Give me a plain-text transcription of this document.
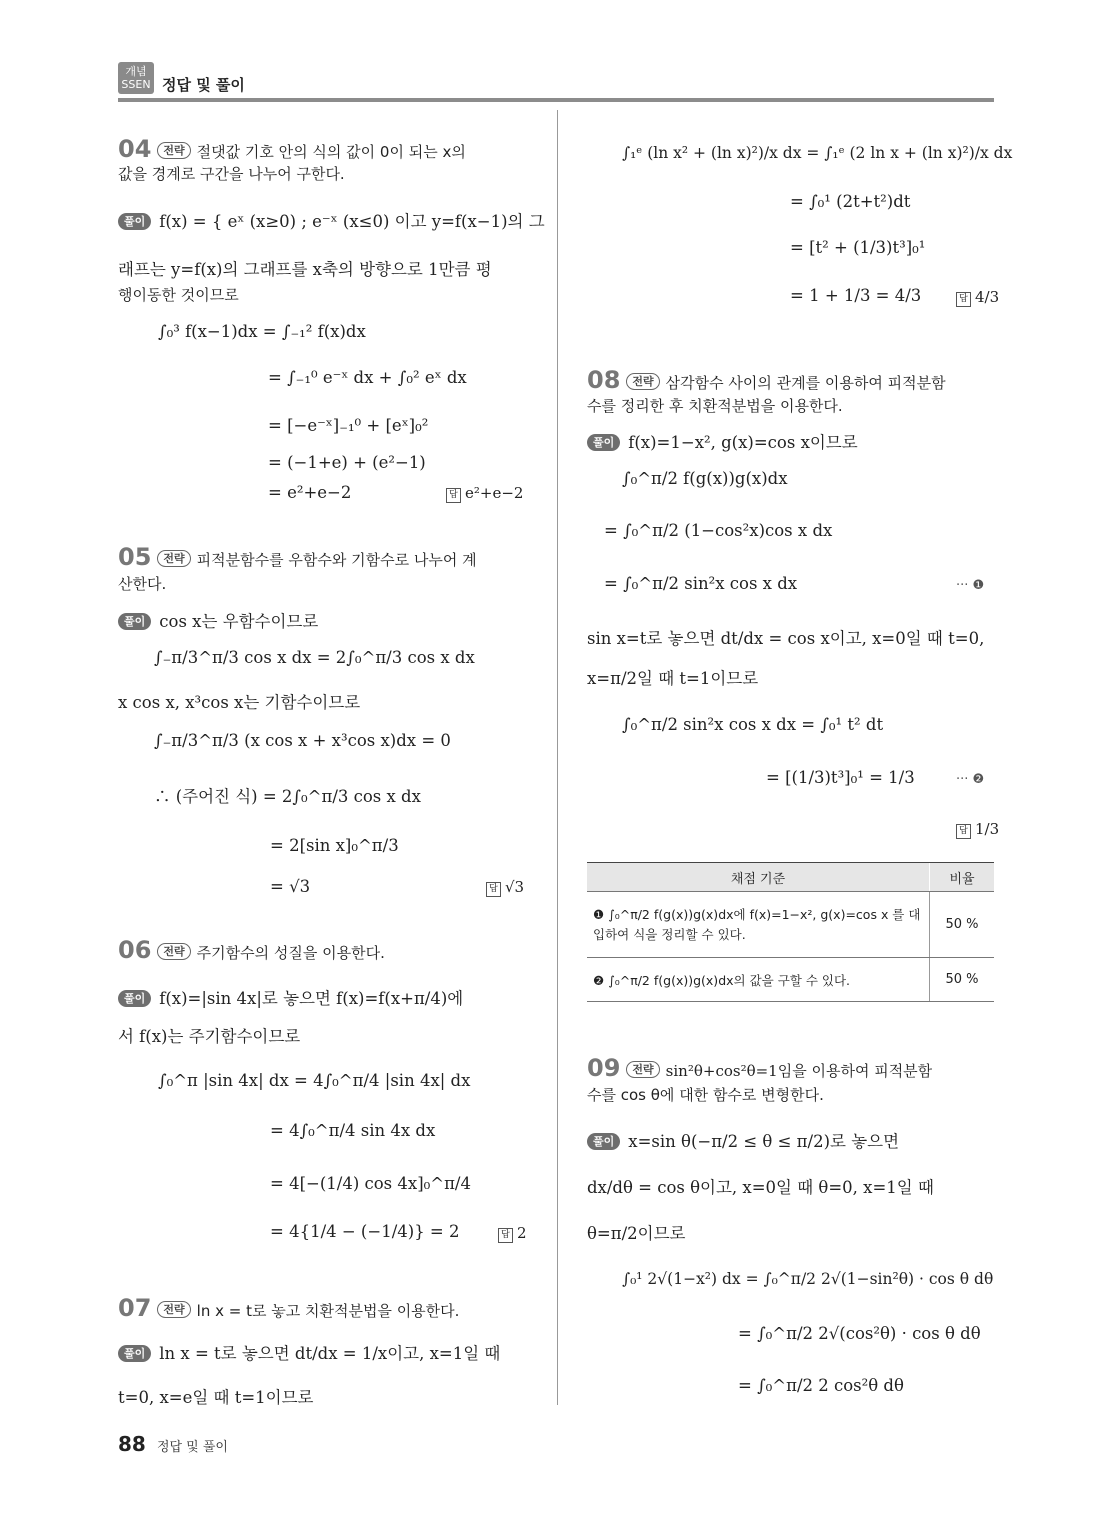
개념 SSEN 정답 및 풀이
04 전략 절댓값 기호 안의 식의 값이 0이 되는 x의
값을 경계로 구간을 나누어 구한다.
풀이 f(x) = { eˣ (x≥0) ; e⁻ˣ (x≤0) 이고 y=f(x−1)의 그
래프는 y=f(x)의 그래프를 x축의 방향으로 1만큼 평
행이동한 것이므로
∫₀³ f(x−1)dx = ∫₋₁² f(x)dx
= ∫₋₁⁰ e⁻ˣ dx + ∫₀² eˣ dx
= [−e⁻ˣ]₋₁⁰ + [eˣ]₀²
= (−1+e) + (e²−1)
= e²+e−2	답 e²+e−2
05 전략 피적분함수를 우함수와 기함수로 나누어 계
산한다.
풀이 cos x는 우함수이므로
∫₋π/3^π/3 cos x dx = 2∫₀^π/3 cos x dx
x cos x, x³cos x는 기함수이므로
∫₋π/3^π/3 (x cos x + x³cos x)dx = 0
∴ (주어진 식) = 2∫₀^π/3 cos x dx
= 2[sin x]₀^π/3
= √3	답 √3
06 전략 주기함수의 성질을 이용한다.
풀이 f(x)=|sin 4x|로 놓으면 f(x)=f(x+π/4)에
서 f(x)는 주기함수이므로
∫₀^π |sin 4x| dx = 4∫₀^π/4 |sin 4x| dx
= 4∫₀^π/4 sin 4x dx
= 4[−(1/4) cos 4x]₀^π/4
= 4{1/4 − (−1/4)} = 2	답 2
07 전략 ln x = t로 놓고 치환적분법을 이용한다.
풀이 ln x = t로 놓으면 dt/dx = 1/x이고, x=1일 때
t=0, x=e일 때 t=1이므로
∫₁ᵉ (ln x² + (ln x)²)/x dx = ∫₁ᵉ (2 ln x + (ln x)²)/x dx
= ∫₀¹ (2t+t²)dt
= [t² + (1/3)t³]₀¹
= 1 + 1/3 = 4/3	답 4/3
08 전략 삼각함수 사이의 관계를 이용하여 피적분함
수를 정리한 후 치환적분법을 이용한다.
풀이 f(x)=1−x², g(x)=cos x이므로
∫₀^π/2 f(g(x))g(x)dx
= ∫₀^π/2 (1−cos²x)cos x dx
= ∫₀^π/2 sin²x cos x dx	··· ❶
sin x=t로 놓으면 dt/dx = cos x이고, x=0일 때 t=0,
x=π/2일 때 t=1이므로
∫₀^π/2 sin²x cos x dx = ∫₀¹ t² dt
= [(1/3)t³]₀¹ = 1/3	··· ❷
답 1/3
09 전략 sin²θ+cos²θ=1임을 이용하여 피적분함
수를 cos θ에 대한 함수로 변형한다.
풀이 x=sin θ(−π/2 ≤ θ ≤ π/2)로 놓으면
dx/dθ = cos θ이고, x=0일 때 θ=0, x=1일 때
θ=π/2이므로
∫₀¹ 2√(1−x²) dx = ∫₀^π/2 2√(1−sin²θ) · cos θ dθ
= ∫₀^π/2 2√(cos²θ) · cos θ dθ
= ∫₀^π/2 2 cos²θ dθ
채점 기준	비율
❶ ∫₀^π/2 f(g(x))g(x)dx에 f(x)=1−x², g(x)=cos x 를 대입하여 식을 정리할 수 있다.	50 %
❷ ∫₀^π/2 f(g(x))g(x)dx의 값을 구할 수 있다.	50 %
88 정답 및 풀이
